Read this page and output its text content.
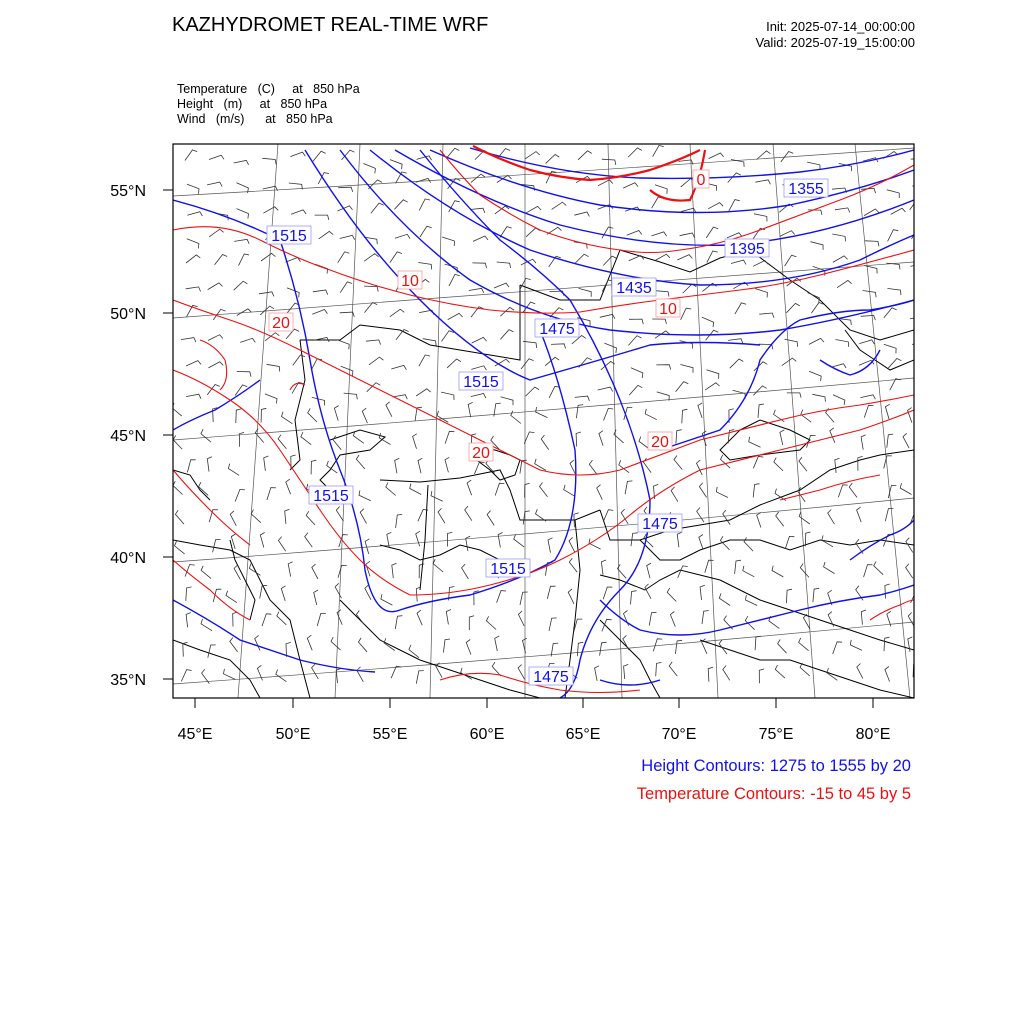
KAZHYDROMET REAL-TIME WRF	Init: 2025-07-14_00:00:00
Valid: 2025-07-19_15:00:00
Temperature   (C)     at   850 hPa
Height   (m)     at   850 hPa
Wind   (m/s)      at   850 hPa
1515
1515
1515
1515
1475
1475
1475
1435
1395
1355
10
10
20
20
20
0
55°N
50°N
45°N
40°N
35°N
45°E	50°E	55°E	60°E	65°E	70°E	75°E	80°E
Height Contours: 1275 to 1555 by 20
Temperature Contours: -15 to 45 by 5
